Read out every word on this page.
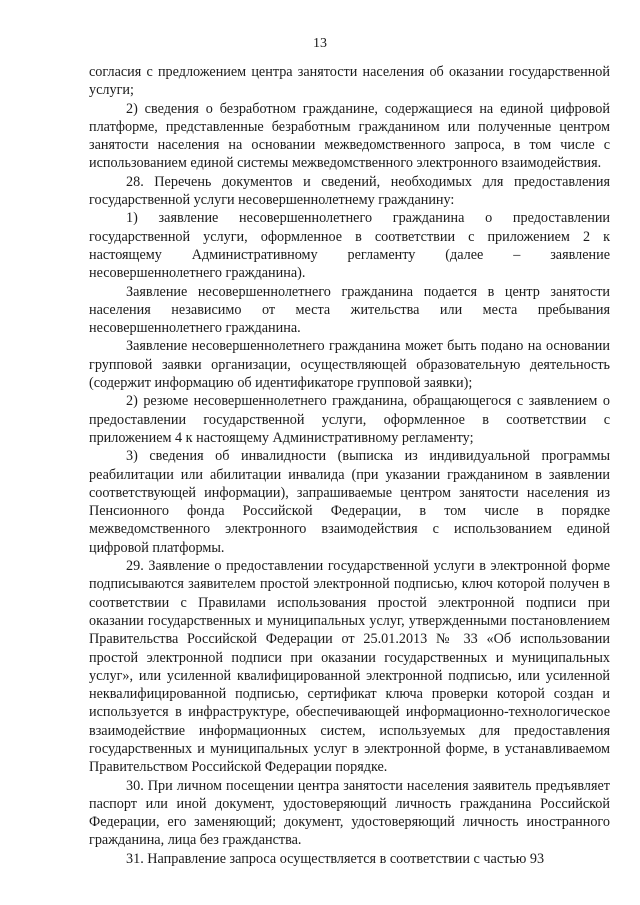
13

согласия с предложением центра занятости населения об оказании государственной услуги;

2) сведения о безработном гражданине, содержащиеся на единой цифровой платформе, представленные безработным гражданином или полученные центром занятости населения на основании межведомственного запроса, в том числе с использованием единой системы межведомственного электронного взаимодействия.

28. Перечень документов и сведений, необходимых для предоставления государственной услуги несовершеннолетнему гражданину:

1) заявление несовершеннолетнего гражданина о предоставлении государственной услуги, оформленное в соответствии с приложением 2 к настоящему Административному регламенту (далее – заявление несовершеннолетнего гражданина).

Заявление несовершеннолетнего гражданина подается в центр занятости населения независимо от места жительства или места пребывания несовершеннолетнего гражданина.

Заявление несовершеннолетнего гражданина может быть подано на основании групповой заявки организации, осуществляющей образовательную деятельность (содержит информацию об идентификаторе групповой заявки);

2) резюме несовершеннолетнего гражданина, обращающегося с заявлением о предоставлении государственной услуги, оформленное в соответствии с приложением 4 к настоящему Административному регламенту;

3) сведения об инвалидности (выписка из индивидуальной программы реабилитации или абилитации инвалида (при указании гражданином в заявлении соответствующей информации), запрашиваемые центром занятости населения из Пенсионного фонда Российской Федерации, в том числе в порядке межведомственного электронного взаимодействия с использованием единой цифровой платформы.

29. Заявление о предоставлении государственной услуги в электронной форме подписываются заявителем простой электронной подписью, ключ которой получен в соответствии с Правилами использования простой электронной подписи при оказании государственных и муниципальных услуг, утвержденными постановлением Правительства Российской Федерации от 25.01.2013 № 33 «Об использовании простой электронной подписи при оказании государственных и муниципальных услуг», или усиленной квалифицированной электронной подписью, или усиленной неквалифицированной подписью, сертификат ключа проверки которой создан и используется в инфраструктуре, обеспечивающей информационно-технологическое взаимодействие информационных систем, используемых для предоставления государственных и муниципальных услуг в электронной форме, в устанавливаемом Правительством Российской Федерации порядке.

30. При личном посещении центра занятости населения заявитель предъявляет паспорт или иной документ, удостоверяющий личность гражданина Российской Федерации, его заменяющий; документ, удостоверяющий личность иностранного гражданина, лица без гражданства.

31. Направление запроса осуществляется в соответствии с частью 93
